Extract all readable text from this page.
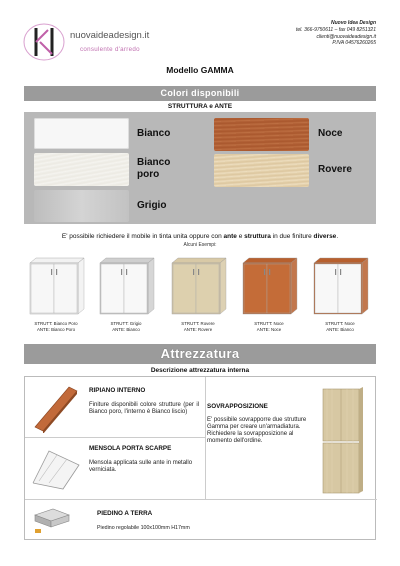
nuovaideadesign.it
consulente d'arredo
Nuovo Idea Design
tel. 366-9750611 – fax 049 8251321
clienti@nuovaideadesign.it
P.IVA 04576260265
Modello GAMMA
Colori disponibili
STRUTTURA e ANTE
Bianco
Bianco poro
Grigio
Noce
Rovere
E' possibile richiedere il mobile in tinta unita oppure con ante e struttura in due finiture diverse.
Alcuni Esempi:
STRUTT: Bianco Poro
ANTE: Bianco Poro
STRUTT: Grigio
ANTE: Bianco
STRUTT: Rovere
ANTE: Rovere
STRUTT: Noce
ANTE: Noce
STRUTT: Noce
ANTE: Bianco
Attrezzatura
Descrizione attrezzatura interna
RIPIANO INTERNO
Finiture disponibili colore strutture (per il Bianco poro, l'interno è Bianco liscio)
MENSOLA PORTA SCARPE
Mensola applicata sulle ante in metallo verniciata.
SOVRAPPOSIZIONE
E' possibile sovrapporre due strutture Gamma per creare un'armadiatura. Richiedere la sovrapposizione al momento dell'ordine.
PIEDINO A TERRA
Piedino regolabile 100x100mm H17mm
